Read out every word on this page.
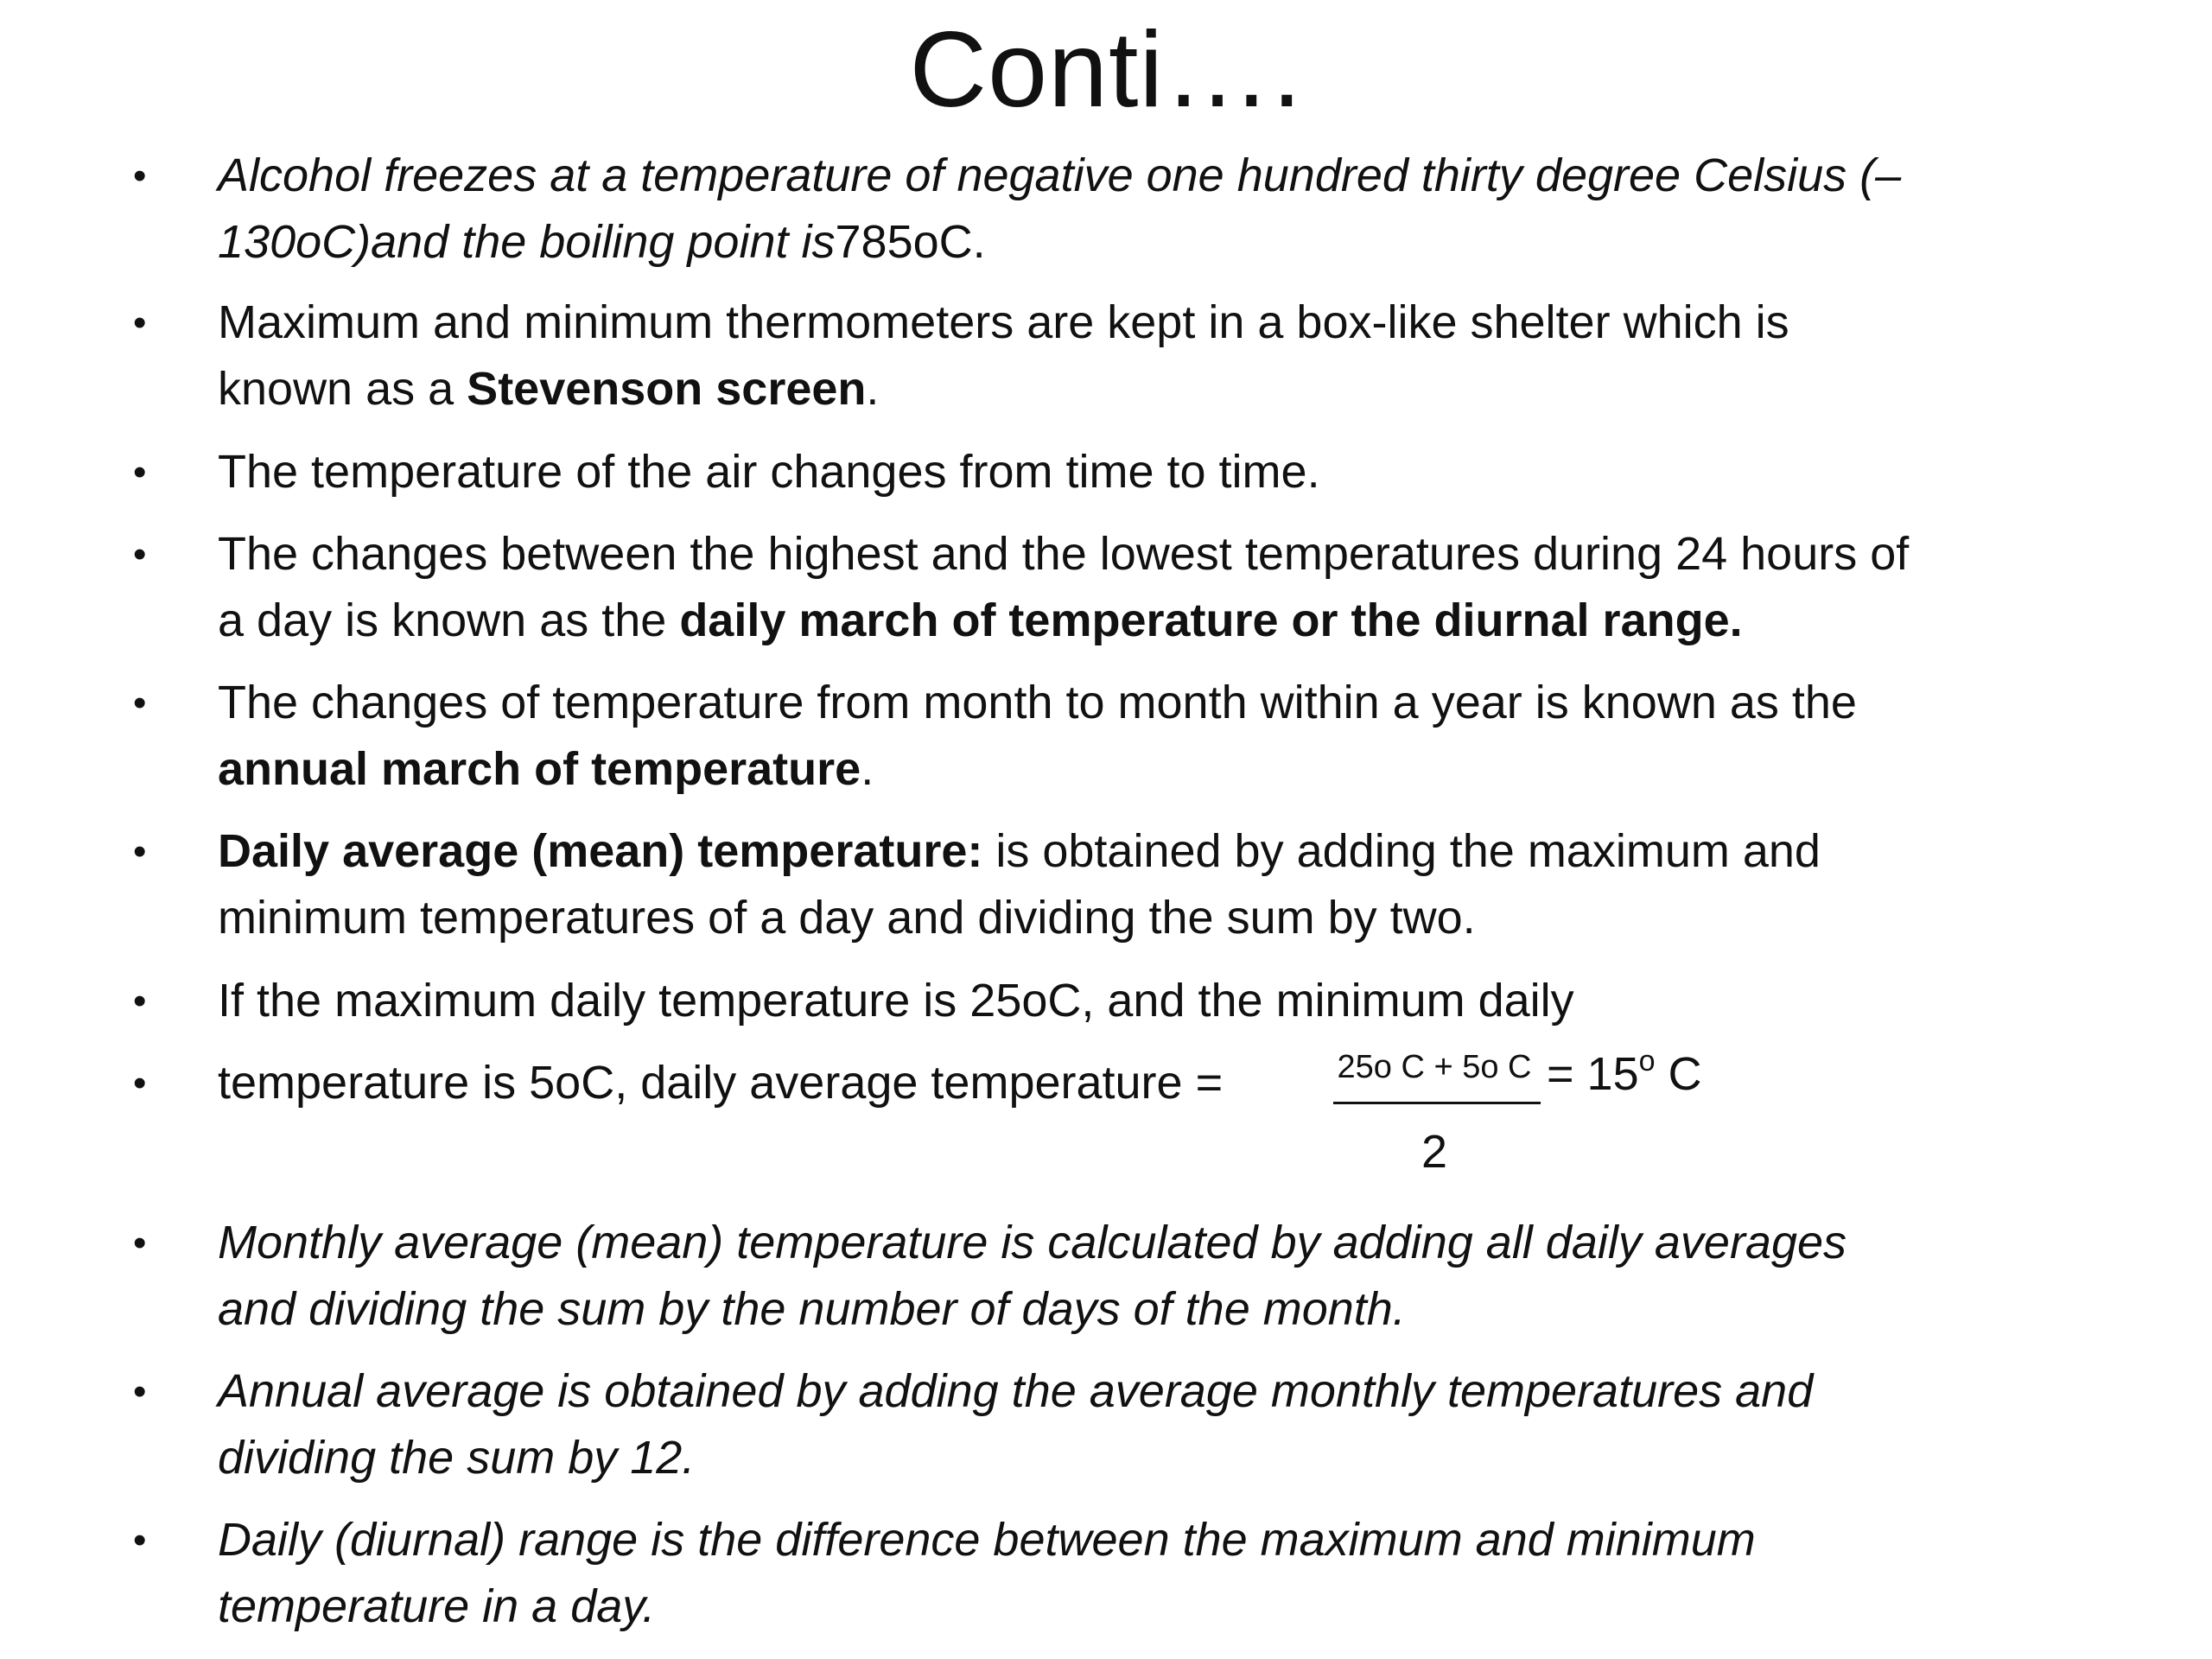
Conti….
•	Alcohol freezes at a temperature of negative one hundred thirty degree Celsius (–
130oC)and the boiling point is785oC.
•	Maximum and minimum thermometers are kept in a box-like shelter which is
known as a Stevenson screen.
•	The temperature of the air changes from time to time.
•	The changes between the highest and the lowest temperatures during 24 hours of
a day is known as the daily march of temperature or the diurnal range.
•	The changes of temperature from month to month within a year is known as the
annual march of temperature.
•	Daily average (mean) temperature: is obtained by adding the maximum and
minimum temperatures of a day and dividing the sum by two.
•	If the maximum daily temperature is 25oC, and the minimum daily
•	temperature is 5oC, daily average temperature =
•	Monthly average (mean) temperature is calculated by adding all daily averages
and dividing the sum by the number of days of the month.
•	Annual average is obtained by adding the average monthly temperatures and
dividing the sum by 12.
•	Daily (diurnal) range is the difference between the maximum and minimum
temperature in a day.
25o C + 5o C
2
= $15^o$ C
